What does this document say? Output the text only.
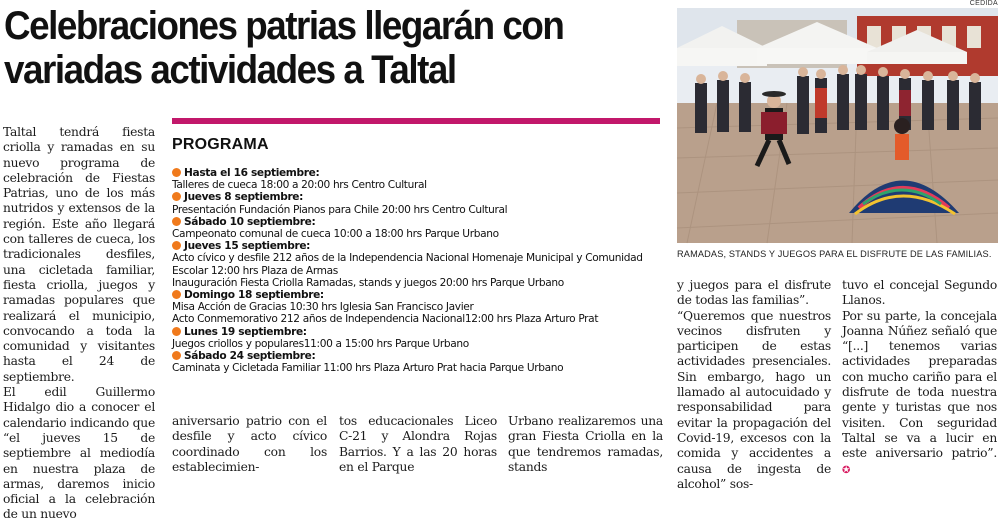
CEDIDA
Celebraciones patrias llegarán con variadas actividades a Taltal

Taltal tendrá fiesta criolla y ramadas en su nuevo programa de celebración de Fiestas Patrias, uno de los más nutridos y extensos de la región. Este año llegará con talleres de cueca, los tradicionales desfiles, una cicletada familiar, fiesta criolla, juegos y ramadas populares que realizará el municipio, convocando a toda la comunidad y visitantes hasta el 24 de septiembre.

El edil Guillermo Hidalgo dio a conocer el calendario indicando que “el jueves 15 de septiembre al mediodía en nuestra plaza de armas, daremos inicio oficial a la celebración de un nuevo

PROGRAMA
Hasta el 16 septiembre:
Talleres de cueca 18:00 a 20:00 hrs Centro Cultural
Jueves 8 septiembre:
Presentación Fundación Pianos para Chile 20:00 hrs Centro Cultural
Sábado 10 septiembre:
Campeonato comunal de cueca 10:00 a 18:00 hrs Parque Urbano
Jueves 15 septiembre:
Acto cívico y desfile 212 años de la Independencia Nacional Homenaje Municipal y Comunidad Escolar 12:00 hrs Plaza de Armas
Inauguración Fiesta Criolla Ramadas, stands y juegos 20:00 hrs Parque Urbano
Domingo 18 septiembre:
Misa Acción de Gracias 10:30 hrs Iglesia San Francisco Javier
Acto Conmemorativo 212 años de Independencia Nacional12:00 hrs Plaza Arturo Prat
Lunes 19 septiembre:
Juegos criollos y populares11:00 a 15:00 hrs Parque Urbano
Sábado 24 septiembre:
Caminata y Cicletada Familiar 11:00 hrs Plaza Arturo Prat hacia Parque Urbano

aniversario patrio con el desfile y acto cívico coordinado con los establecimien-

tos educacionales Liceo C-21 y Alondra Rojas Barrios. Y a las 20 horas en el Parque

Urbano realizaremos una gran Fiesta Criolla en la que tendremos ramadas, stands

RAMADAS, STANDS Y JUEGOS PARA EL DISFRUTE DE LAS FAMILIAS.

y juegos para el disfrute de todas las familias”.

“Queremos que nuestros vecinos disfruten y participen de estas actividades presenciales. Sin embargo, hago un llamado al autocuidado y responsabilidad para evitar la propagación del Covid-19, excesos con la comida y accidentes a causa de ingesta de alcohol” sos-

tuvo el concejal Segundo Llanos.

Por su parte, la concejala Joanna Núñez señaló que “[...] tenemos varias actividades preparadas con mucho cariño para el disfrute de toda nuestra gente y turistas que nos visiten. Con seguridad Taltal se va a lucir en este aniversario patrio”. ✪
